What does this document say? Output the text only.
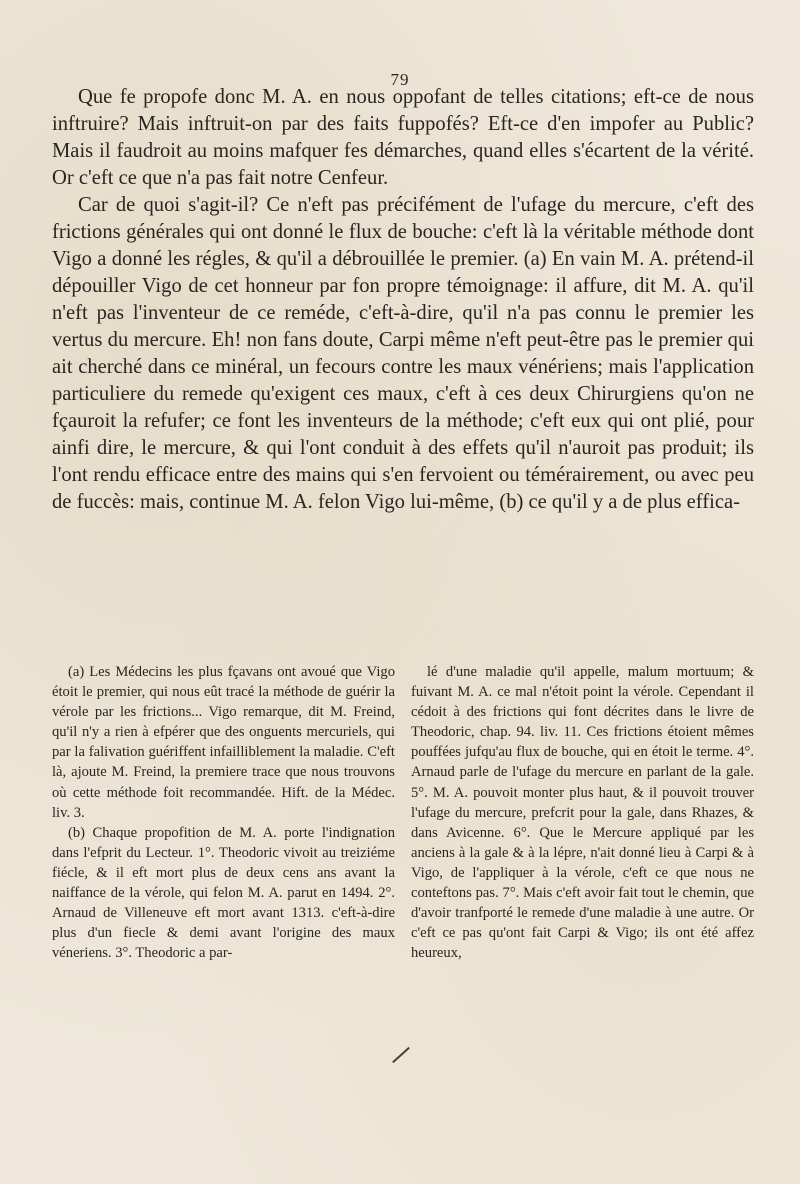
79

Que fe propofe donc M. A. en nous oppofant de telles citations; eft-ce de nous inftruire? Mais inftruit-on par des faits fuppofés? Eft-ce d'en impofer au Public? Mais il faudroit au moins mafquer fes démarches, quand elles s'écartent de la vérité. Or c'eft ce que n'a pas fait notre Cenfeur.

Car de quoi s'agit-il? Ce n'eft pas précifément de l'ufage du mercure, c'eft des frictions générales qui ont donné le flux de bouche: c'eft là la véritable méthode dont Vigo a donné les régles, & qu'il a débrouillée le premier. (a) En vain M. A. prétend-il dépouiller Vigo de cet honneur par fon propre témoignage: il affure, dit M. A. qu'il n'eft pas l'inventeur de ce reméde, c'eft-à-dire, qu'il n'a pas connu le premier les vertus du mercure. Eh! non fans doute, Carpi même n'eft peut-être pas le premier qui ait cherché dans ce minéral, un fecours contre les maux vénériens; mais l'application particuliere du remede qu'exigent ces maux, c'eft à ces deux Chirurgiens qu'on ne fçauroit la refufer; ce font les inventeurs de la méthode; c'eft eux qui ont plié, pour ainfi dire, le mercure, & qui l'ont conduit à des effets qu'il n'auroit pas produit; ils l'ont rendu efficace entre des mains qui s'en fervoient ou témérairement, ou avec peu de fuccès: mais, continue M. A. felon Vigo lui-même, (b) ce qu'il y a de plus effica-

(a) Les Médecins les plus fçavans ont avoué que Vigo étoit le premier, qui nous eût tracé la méthode de guérir la vérole par les frictions... Vigo remarque, dit M. Freind, qu'il n'y a rien à efpérer que des onguents mercuriels, qui par la falivation guériffent infailliblement la maladie. C'eft là, ajoute M. Freind, la premiere trace que nous trouvons où cette méthode foit recommandée. Hift. de la Médec. liv. 3.

(b) Chaque propofition de M. A. porte l'indignation dans l'efprit du Lecteur. 1°. Theodoric vivoit au treiziéme fiécle, & il eft mort plus de deux cens ans avant la naiffance de la vérole, qui felon M. A. parut en 1494. 2°. Arnaud de Villeneuve eft mort avant 1313. c'eft-à-dire plus d'un fiecle & demi avant l'origine des maux véneriens. 3°. Theodoric a par-

lé d'une maladie qu'il appelle, malum mortuum; & fuivant M. A. ce mal n'étoit point la vérole. Cependant il cédoit à des frictions qui font décrites dans le livre de Theodoric, chap. 94. liv. 11. Ces frictions étoient mêmes pouffées jufqu'au flux de bouche, qui en étoit le terme. 4°. Arnaud parle de l'ufage du mercure en parlant de la gale. 5°. M. A. pouvoit monter plus haut, & il pouvoit trouver l'ufage du mercure, prefcrit pour la gale, dans Rhazes, & dans Avicenne. 6°. Que le Mercure appliqué par les anciens à la gale & à la lépre, n'ait donné lieu à Carpi & à Vigo, de l'appliquer à la vérole, c'eft ce que nous ne conteftons pas. 7°. Mais c'eft avoir fait tout le chemin, que d'avoir tranfporté le remede d'une maladie à une autre. Or c'eft ce pas qu'ont fait Carpi & Vigo; ils ont été affez heureux,
